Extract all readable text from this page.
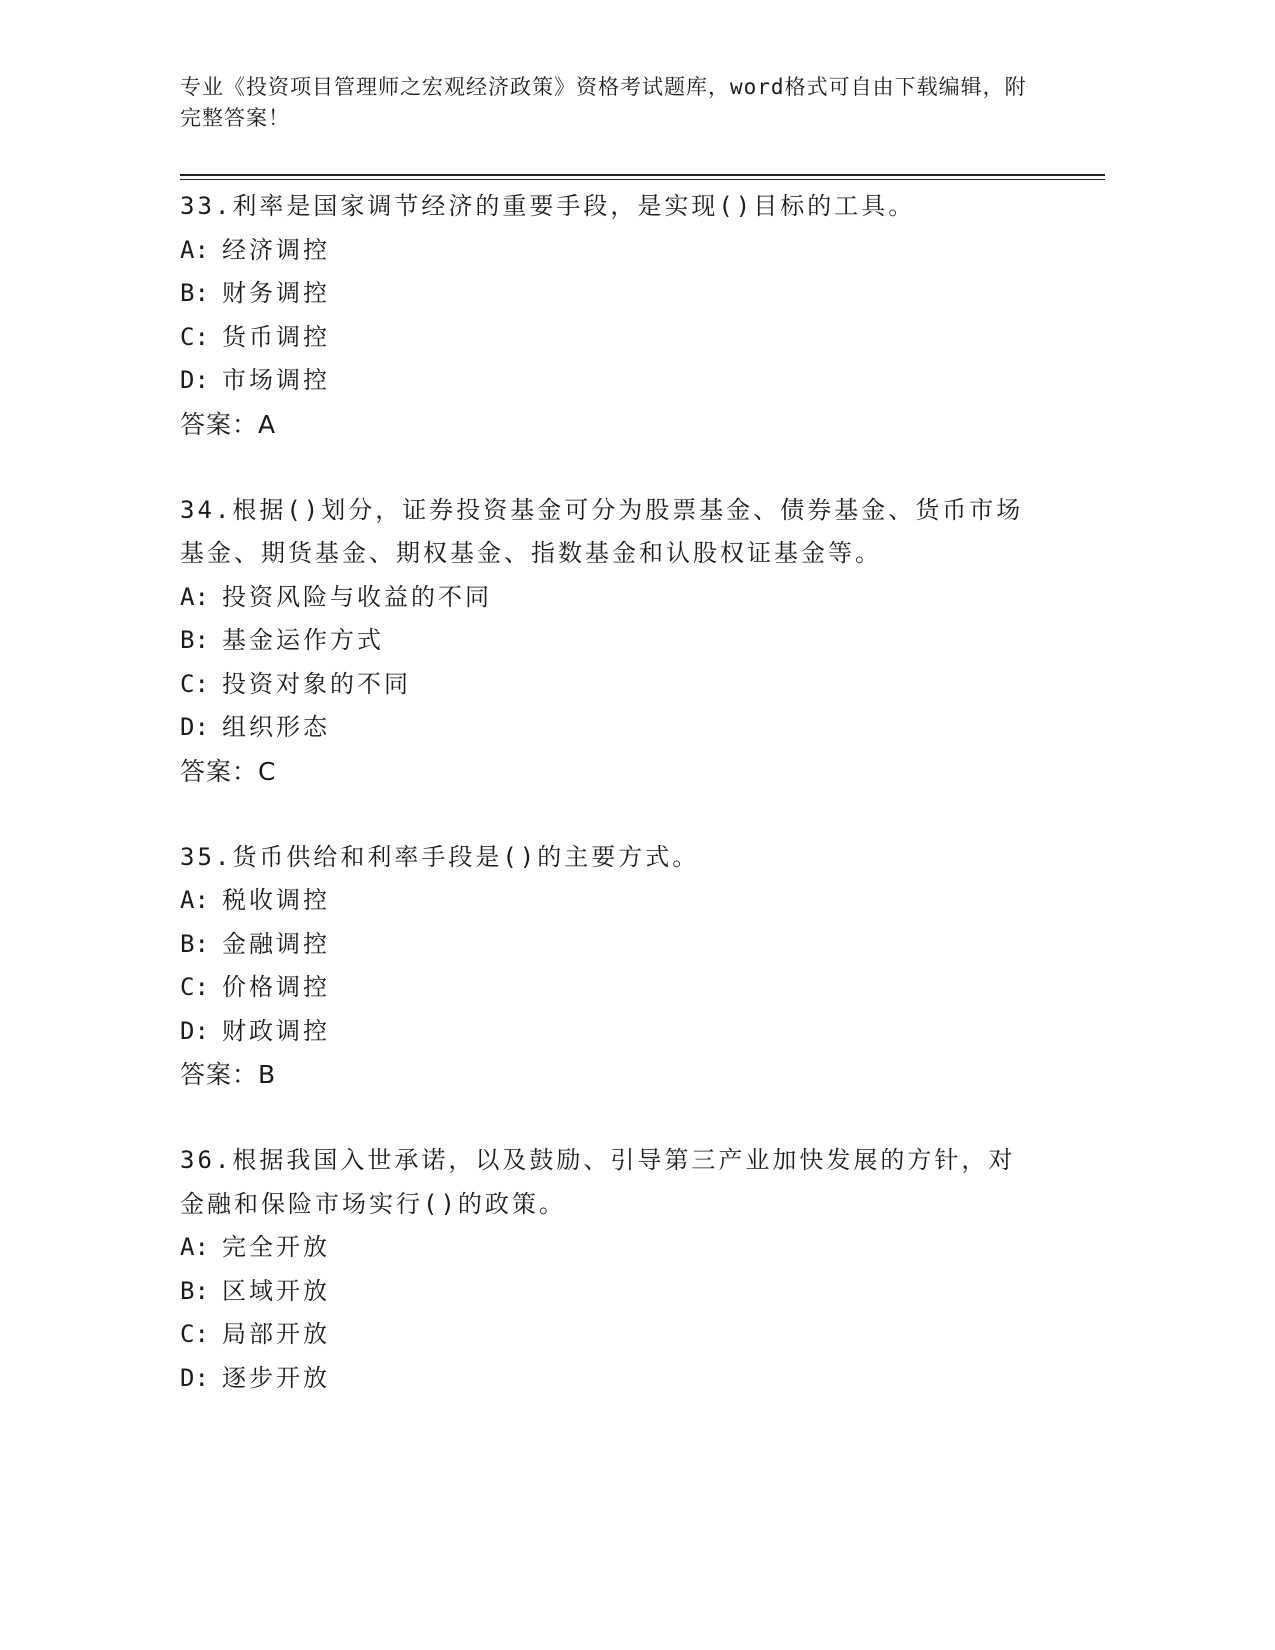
专业《投资项目管理师之宏观经济政策》资格考试题库，word格式可自由下载编辑，附完整答案！
33.利率是国家调节经济的重要手段，是实现()目标的工具。
A: 经济调控
B: 财务调控
C: 货币调控
D: 市场调控
答案：A
34.根据()划分，证券投资基金可分为股票基金、债券基金、货币市场基金、期货基金、期权基金、指数基金和认股权证基金等。
A: 投资风险与收益的不同
B: 基金运作方式
C: 投资对象的不同
D: 组织形态
答案：C
35.货币供给和利率手段是()的主要方式。
A: 税收调控
B: 金融调控
C: 价格调控
D: 财政调控
答案：B
36.根据我国入世承诺，以及鼓励、引导第三产业加快发展的方针，对金融和保险市场实行()的政策。
A: 完全开放
B: 区域开放
C: 局部开放
D: 逐步开放
